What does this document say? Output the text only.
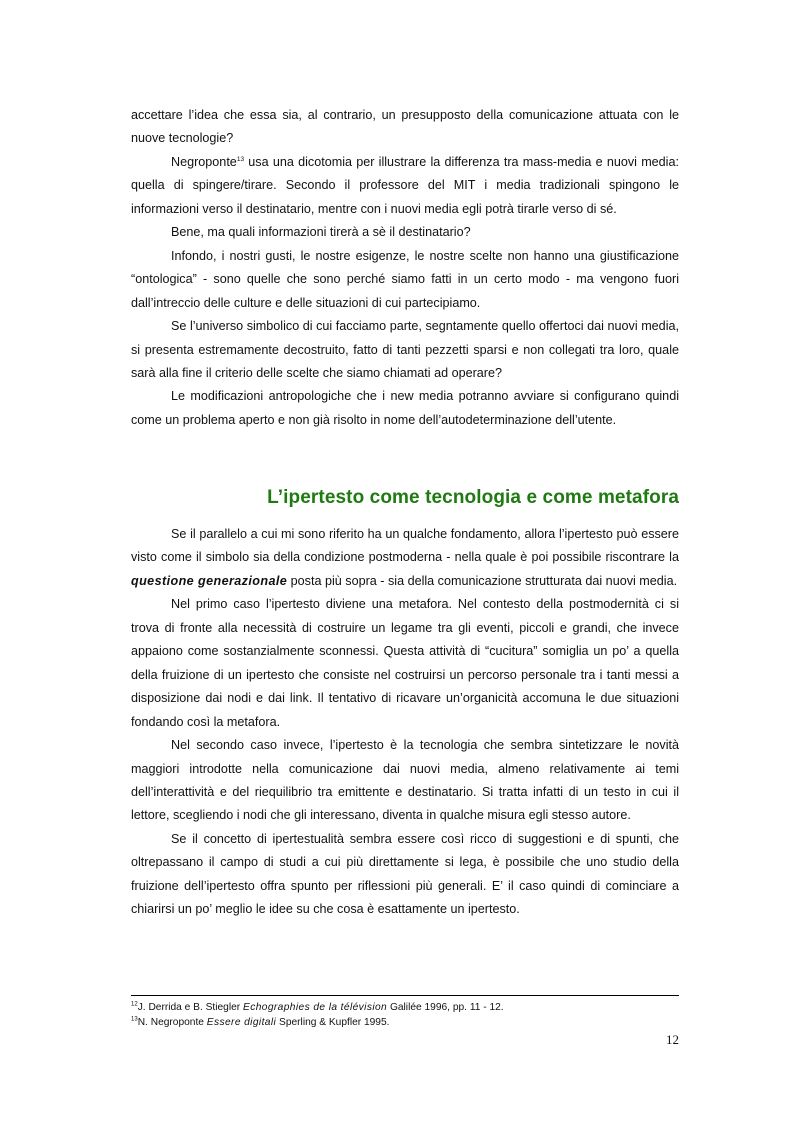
accettare l’idea che essa sia, al contrario, un presupposto della comunicazione attuata con le nuove tecnologie?

Negroponte$^{13}$ usa una dicotomia per illustrare la differenza tra mass-media e nuovi media: quella di spingere/tirare. Secondo il professore del MIT i media tradizionali spingono le informazioni verso il destinatario, mentre con i nuovi media egli potrà tirarle verso di sé.

Bene, ma quali informazioni tirerà a sè il destinatario?

Infondo, i nostri gusti, le nostre esigenze, le nostre scelte non hanno una giustificazione “ontologica” - sono quelle che sono perché siamo fatti in un certo modo - ma vengono fuori dall’intreccio delle culture e delle situazioni di cui partecipiamo.

Se l’universo simbolico di cui facciamo parte, segntamente quello offertoci dai nuovi media, si presenta estremamente decostruito, fatto di tanti pezzetti sparsi e non collegati tra loro, quale sarà alla fine il criterio delle scelte che siamo chiamati ad operare?

Le modificazioni antropologiche che i new media potranno avviare si configurano quindi come un problema aperto e non già risolto in nome dell’autodeterminazione dell’utente.

L’ipertesto come tecnologia e come metafora

Se il parallelo a cui mi sono riferito ha un qualche fondamento, allora l’ipertesto può essere visto come il simbolo sia della condizione postmoderna - nella quale è poi possibile riscontrare la questione generazionale posta più sopra - sia della comunicazione strutturata dai nuovi media.

Nel primo caso l’ipertesto diviene una metafora. Nel contesto della postmodernità ci si trova di fronte alla necessità di costruire un legame tra gli eventi, piccoli e grandi, che invece appaiono come sostanzialmente sconnessi. Questa attività di “cucitura” somiglia un po’ a quella della fruizione di un ipertesto che consiste nel costruirsi un percorso personale tra i tanti messi a disposizione dai nodi e dai link. Il tentativo di ricavare un’organicità accomuna le due situazioni fondando così la metafora.

Nel secondo caso invece, l’ipertesto è la tecnologia che sembra sintetizzare le novità maggiori introdotte nella comunicazione dai nuovi media, almeno relativamente ai temi dell’interattività e del riequilibrio tra emittente e destinatario. Si tratta infatti di un testo in cui il lettore, scegliendo i nodi che gli interessano, diventa in qualche misura egli stesso autore.

Se il concetto di ipertestualità sembra essere così ricco di suggestioni e di spunti, che oltrepassano il campo di studi a cui più direttamente si lega, è possibile che uno studio della fruizione dell’ipertesto offra spunto per riflessioni più generali. E’ il caso quindi di cominciare a chiarirsi un po’ meglio le idee su che cosa è esattamente un ipertesto.

$^{12}$J. Derrida e B. Stiegler Echographies de la télévision Galilée 1996, pp. 11 - 12.
$^{13}$N. Negroponte Essere digitali Sperling & Kupfler 1995.
12
